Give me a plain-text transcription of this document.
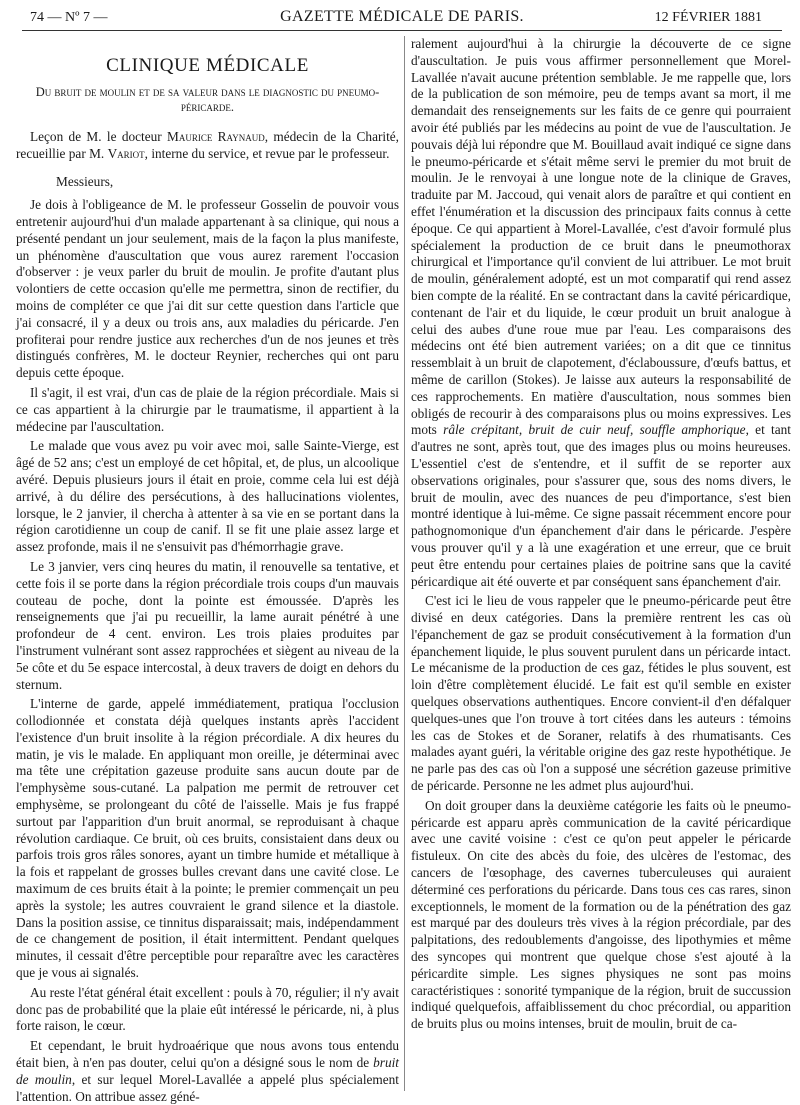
74 — Nº 7 —	GAZETTE MÉDICALE DE PARIS.	12 FÉVRIER 1881
CLINIQUE MÉDICALE
Du bruit de moulin et de sa valeur dans le diagnostic du pneumo-péricarde.

Leçon de M. le docteur Maurice Raynaud, médecin de la Charité, recueillie par M. Variot, interne du service, et revue par le professeur.

Messieurs,

Je dois à l'obligeance de M. le professeur Gosselin de pouvoir vous entretenir aujourd'hui d'un malade appartenant à sa clinique, qui nous a présenté pendant un jour seulement, mais de la façon la plus manifeste, un phénomène d'auscultation que vous aurez rarement l'occasion d'observer : je veux parler du bruit de moulin. Je profite d'autant plus volontiers de cette occasion qu'elle me permettra, sinon de rectifier, du moins de compléter ce que j'ai dit sur cette question dans l'article que j'ai consacré, il y a deux ou trois ans, aux maladies du péricarde. J'en profiterai pour rendre justice aux recherches d'un de nos jeunes et très distingués confrères, M. le docteur Reynier, recherches qui ont paru depuis cette époque.

Il s'agit, il est vrai, d'un cas de plaie de la région précordiale. Mais si ce cas appartient à la chirurgie par le traumatisme, il appartient à la médecine par l'auscultation.

Le malade que vous avez pu voir avec moi, salle Sainte-Vierge, est âgé de 52 ans; c'est un employé de cet hôpital, et, de plus, un alcoolique avéré. Depuis plusieurs jours il était en proie, comme cela lui est déjà arrivé, à du délire des persécutions, à des hallucinations violentes, lorsque, le 2 janvier, il chercha à attenter à sa vie en se portant dans la région carotidienne un coup de canif. Il se fit une plaie assez large et assez profonde, mais il ne s'ensuivit pas d'hémorrhagie grave.

Le 3 janvier, vers cinq heures du matin, il renouvelle sa tentative, et cette fois il se porte dans la région précordiale trois coups d'un mauvais couteau de poche, dont la pointe est émoussée. D'après les renseignements que j'ai pu recueillir, la lame aurait pénétré à une profondeur de 4 cent. environ. Les trois plaies produites par l'instrument vulnérant sont assez rapprochées et siègent au niveau de la 5e côte et du 5e espace intercostal, à deux travers de doigt en dehors du sternum.

L'interne de garde, appelé immédiatement, pratiqua l'occlusion collodionnée et constata déjà quelques instants après l'accident l'existence d'un bruit insolite à la région précordiale. A dix heures du matin, je vis le malade. En appliquant mon oreille, je déterminai avec ma tête une crépitation gazeuse produite sans aucun doute par de l'emphysème sous-cutané. La palpation me permit de retrouver cet emphysème, se prolongeant du côté de l'aisselle. Mais je fus frappé surtout par l'apparition d'un bruit anormal, se reproduisant à chaque révolution cardiaque. Ce bruit, où ces bruits, consistaient dans deux ou parfois trois gros râles sonores, ayant un timbre humide et métallique à la fois et rappelant de grosses bulles crevant dans une cavité close. Le maximum de ces bruits était à la pointe; le premier commençait un peu après la systole; les autres couvraient le grand silence et la diastole. Dans la position assise, ce tinnitus disparaissait; mais, indépendamment de ce changement de position, il était intermittent. Pendant quelques minutes, il cessait d'être perceptible pour reparaître avec les caractères que je vous ai signalés.

Au reste l'état général était excellent : pouls à 70, régulier; il n'y avait donc pas de probabilité que la plaie eût intéressé le péricarde, ni, à plus forte raison, le cœur.

Et cependant, le bruit hydroaérique que nous avons tous entendu était bien, à n'en pas douter, celui qu'on a désigné sous le nom de bruit de moulin, et sur lequel Morel-Lavallée a appelé plus spécialement l'attention. On attribue assez géné-

ralement aujourd'hui à la chirurgie la découverte de ce signe d'auscultation. Je puis vous affirmer personnellement que Morel-Lavallée n'avait aucune prétention semblable. Je me rappelle que, lors de la publication de son mémoire, peu de temps avant sa mort, il me demandait des renseignements sur les faits de ce genre qui pourraient avoir été publiés par les médecins au point de vue de l'auscultation. Je pouvais déjà lui répondre que M. Bouillaud avait indiqué ce signe dans le pneumo-péricarde et s'était même servi le premier du mot bruit de moulin. Je le renvoyai à une longue note de la clinique de Graves, traduite par M. Jaccoud, qui venait alors de paraître et qui contient en effet l'énumération et la discussion des principaux faits connus à cette époque. Ce qui appartient à Morel-Lavallée, c'est d'avoir formulé plus spécialement la production de ce bruit dans le pneumothorax chirurgical et l'importance qu'il convient de lui attribuer. Le mot bruit de moulin, généralement adopté, est un mot comparatif qui rend assez bien compte de la réalité. En se contractant dans la cavité péricardique, contenant de l'air et du liquide, le cœur produit un bruit analogue à celui des aubes d'une roue mue par l'eau. Les comparaisons des médecins ont été bien autrement variées; on a dit que ce tinnitus ressemblait à un bruit de clapotement, d'éclaboussure, d'œufs battus, et même de carillon (Stokes). Je laisse aux auteurs la responsabilité de ces rapprochements. En matière d'auscultation, nous sommes bien obligés de recourir à des comparaisons plus ou moins expressives. Les mots râle crépitant, bruit de cuir neuf, souffle amphorique, et tant d'autres ne sont, après tout, que des images plus ou moins heureuses. L'essentiel c'est de s'entendre, et il suffit de se reporter aux observations originales, pour s'assurer que, sous des noms divers, le bruit de moulin, avec des nuances de peu d'importance, s'est bien montré identique à lui-même. Ce signe passait récemment encore pour pathognomonique d'un épanchement d'air dans le péricarde. J'espère vous prouver qu'il y a là une exagération et une erreur, que ce bruit peut être entendu pour certaines plaies de poitrine sans que la cavité péricardique ait été ouverte et par conséquent sans épanchement d'air.

C'est ici le lieu de vous rappeler que le pneumo-péricarde peut être divisé en deux catégories. Dans la première rentrent les cas où l'épanchement de gaz se produit consécutivement à la formation d'un épanchement liquide, le plus souvent purulent dans un péricarde intact. Le mécanisme de la production de ces gaz, fétides le plus souvent, est loin d'être complètement élucidé. Le fait est qu'il semble en exister quelques observations authentiques. Encore convient-il d'en défalquer quelques-unes que l'on trouve à tort citées dans les auteurs : témoins les cas de Stokes et de Soraner, relatifs à des rhumatisants. Ces malades ayant guéri, la véritable origine des gaz reste hypothétique. Je ne parle pas des cas où l'on a supposé une sécrétion gazeuse primitive de péricarde. Personne ne les admet plus aujourd'hui.

On doit grouper dans la deuxième catégorie les faits où le pneumo-péricarde est apparu après communication de la cavité péricardique avec une cavité voisine : c'est ce qu'on peut appeler le péricarde fistuleux. On cite des abcès du foie, des ulcères de l'estomac, des cancers de l'œsophage, des cavernes tuberculeuses qui auraient déterminé ces perforations du péricarde. Dans tous ces cas rares, sinon exceptionnels, le moment de la formation ou de la pénétration des gaz est marqué par des douleurs très vives à la région précordiale, par des palpitations, des redoublements d'angoisse, des lipothymies et même des syncopes qui montrent que quelque chose s'est ajouté à la péricardite simple. Les signes physiques ne sont pas moins caractéristiques : sonorité tympanique de la région, bruit de succussion indiqué quelquefois, affaiblissement du choc précordial, ou apparition de bruits plus ou moins intenses, bruit de moulin, bruit de ca-
